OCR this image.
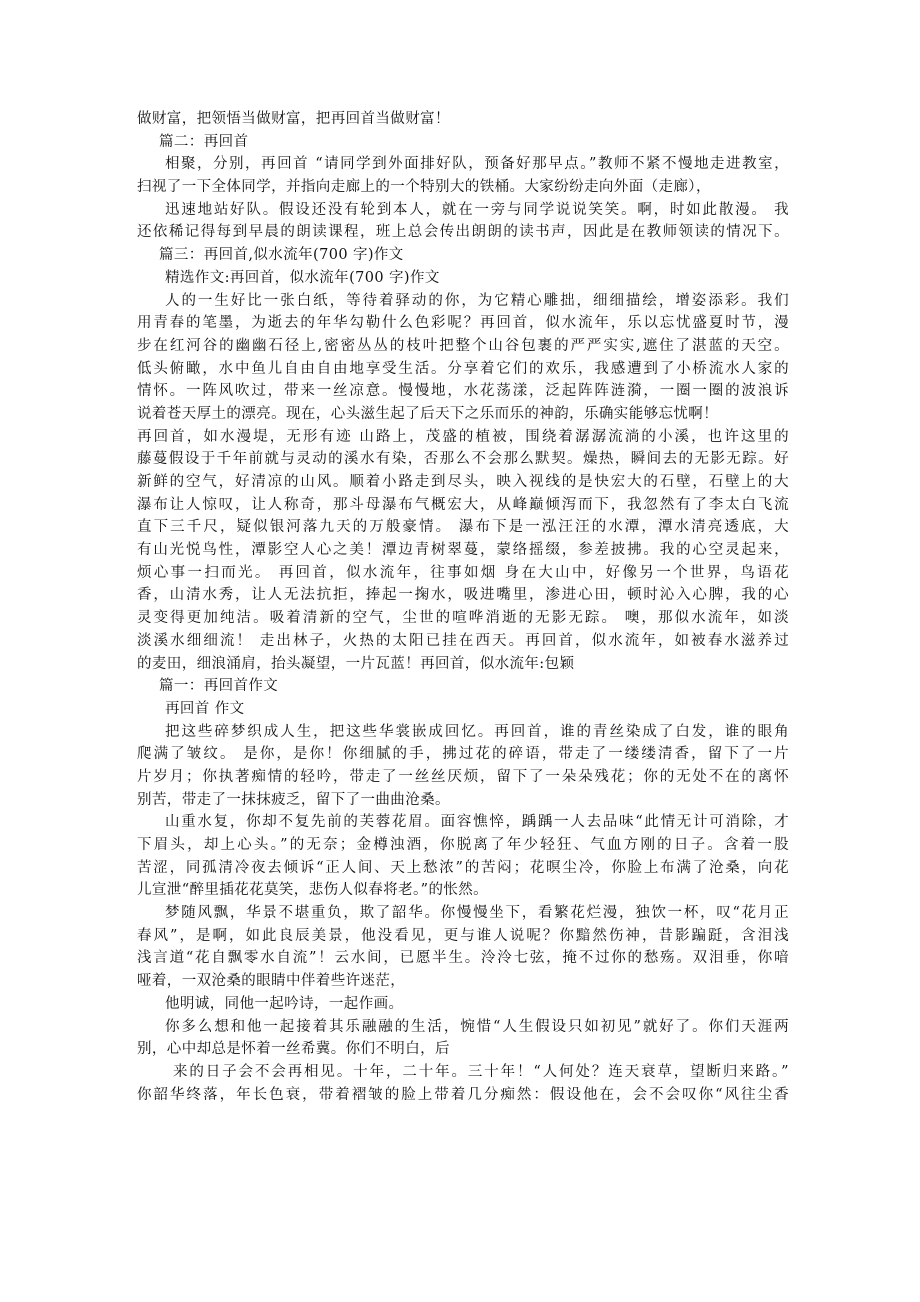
做财富，把领悟当做财富，把再回首当做财富！
篇二：再回首
相聚，分别，再回首 “请同学到外面排好队，预备好那早点。”教师不紧不慢地走进教室，
扫视了一下全体同学，并指向走廊上的一个特别大的铁桶。大家纷纷走向外面（走廊），
迅速地站好队。假设还没有轮到本人，就在一旁与同学说说笑笑。啊，时如此散漫。 我
还依稀记得每到早晨的朗读课程，班上总会传出朗朗的读书声，因此是在教师领读的情况下。
篇三：再回首,似水流年(700 字)作文
精选作文:再回首，似水流年(700 字)作文
人的一生好比一张白纸，等待着驿动的你，为它精心雕拙，细细描绘，增姿添彩。我们
用青春的笔墨，为逝去的年华勾勒什么色彩呢？再回首，似水流年，乐以忘忧盛夏时节，漫
步在红河谷的幽幽石径上,密密丛丛的枝叶把整个山谷包裹的严严实实,遮住了湛蓝的天空。
低头俯瞰，水中鱼儿自由自由地享受生活。分享着它们的欢乐，我感遭到了小桥流水人家的
情怀。一阵风吹过，带来一丝凉意。慢慢地，水花荡漾，泛起阵阵涟漪，一圈一圈的波浪诉
说着苍天厚土的漂亮。现在，心头滋生起了后天下之乐而乐的神韵，乐确实能够忘忧啊！
再回首，如水漫堤，无形有迹 山路上，茂盛的植被，围绕着潺潺流淌的小溪，也许这里的
藤蔓假设于千年前就与灵动的溪水有染，否那么不会那么默契。燥热，瞬间去的无影无踪。好
新鲜的空气，好清凉的山风。顺着小路走到尽头，映入视线的是快宏大的石壁，石壁上的大
瀑布让人惊叹，让人称奇，那斗母瀑布气概宏大，从峰巅倾泻而下，我忽然有了李太白飞流
直下三千尺，疑似银河落九天的万般豪情。 瀑布下是一泓汪汪的水潭，潭水清亮透底，大
有山光悦鸟性，潭影空人心之美！潭边青树翠蔓，蒙络摇缀，参差披拂。我的心空灵起来，
烦心事一扫而光。 再回首，似水流年，往事如烟 身在大山中，好像另一个世界，鸟语花
香，山清水秀，让人无法抗拒，捧起一掬水，吸进嘴里，渗进心田，顿时沁入心脾，我的心
灵变得更加纯洁。吸着清新的空气，尘世的喧哗消逝的无影无踪。 噢，那似水流年，如淡
淡溪水细细流！ 走出林子，火热的太阳已挂在西天。再回首，似水流年，如被春水滋养过
的麦田，细浪涌肩，抬头凝望，一片瓦蓝！再回首，似水流年:包颖
篇一：再回首作文
再回首 作文
把这些碎梦织成人生，把这些华裳嵌成回忆。再回首，谁的青丝染成了白发，谁的眼角
爬满了皱纹。 是你，是你！你细腻的手，拂过花的碎语，带走了一缕缕清香，留下了一片
片岁月；你执著痴情的轻吟，带走了一丝丝厌烦，留下了一朵朵残花；你的无处不在的离怀
别苦，带走了一抹抹疲乏，留下了一曲曲沧桑。
山重水复，你却不复先前的芙蓉花眉。面容憔悴，踽踽一人去品味“此情无计可消除，才
下眉头，却上心头。”的无奈；金樽浊酒，你脱离了年少轻狂、气血方刚的日子。含着一股
苦涩，同孤清冷夜去倾诉“正人间、天上愁浓”的苦闷；花暝尘冷，你脸上布满了沧桑，向花
儿宣泄“醉里插花花莫笑，悲伤人似春将老。”的怅然。
梦随风飘，华景不堪重负，欺了韶华。你慢慢坐下，看繁花烂漫，独饮一杯，叹“花月正
春风”，是啊，如此良辰美景，他没看见，更与谁人说呢？你黯然伤神，昔影蹁跹，含泪浅
浅言道“花自飘零水自流”！云水间，已愿半生。泠泠七弦，掩不过你的愁殇。双泪垂，你喑
哑着，一双沧桑的眼睛中伴着些许迷茫，
他明诚，同他一起吟诗，一起作画。
你多么想和他一起接着其乐融融的生活，惋惜“人生假设只如初见”就好了。你们天涯两
别，心中却总是怀着一丝希冀。你们不明白，后
来的日子会不会再相见。十年，二十年。三十年！“人何处？连天衰草，望断归来路。”
你韶华终落，年长色衰，带着褶皱的脸上带着几分痴然：假设他在，会不会叹你“风往尘香
